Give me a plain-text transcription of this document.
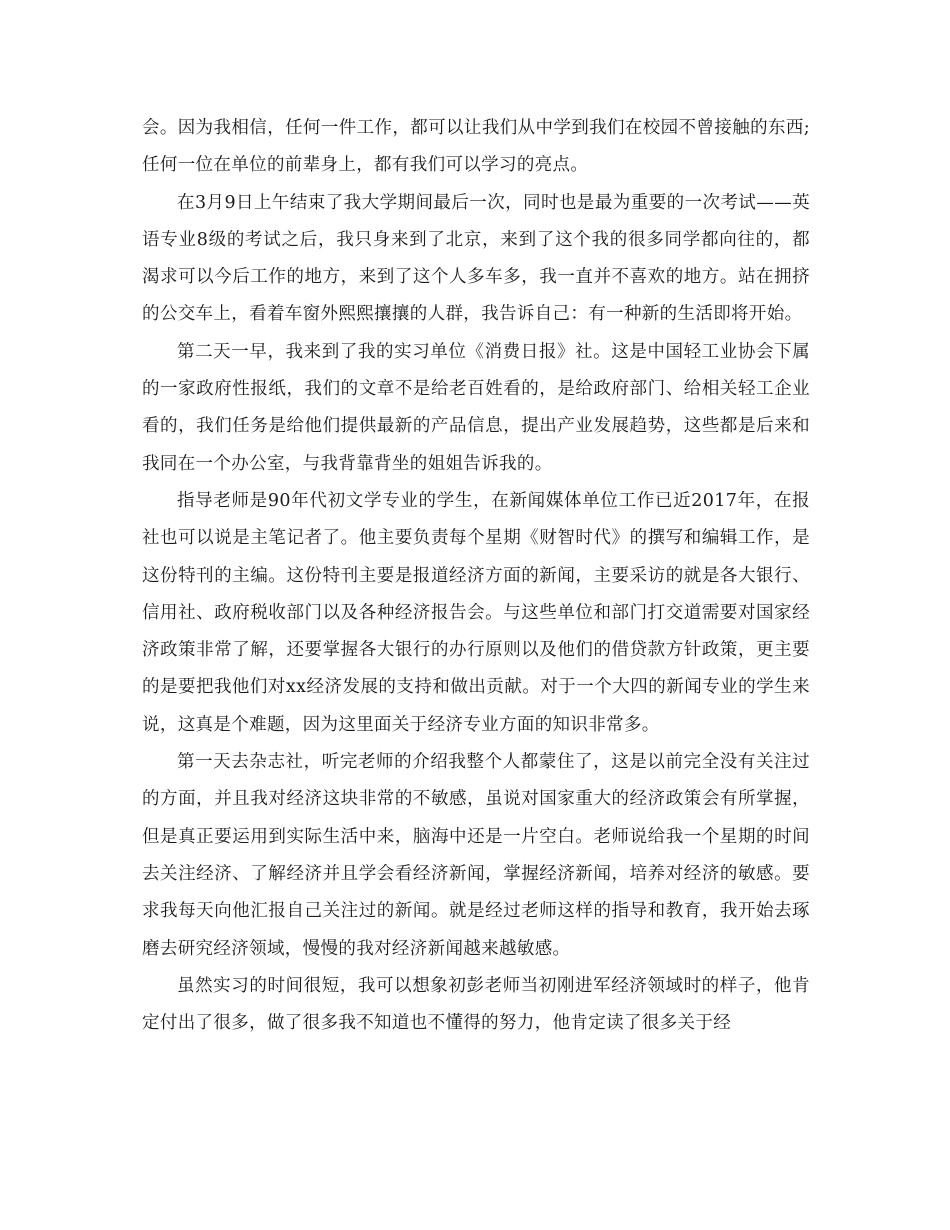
会。因为我相信，任何一件工作，都可以让我们从中学到我们在校园不曾接触的东西;任何一位在单位的前辈身上，都有我们可以学习的亮点。

在3月9日上午结束了我大学期间最后一次，同时也是最为重要的一次考试——英语专业8级的考试之后，我只身来到了北京，来到了这个我的很多同学都向往的，都渴求可以今后工作的地方，来到了这个人多车多，我一直并不喜欢的地方。站在拥挤的公交车上，看着车窗外熙熙攘攘的人群，我告诉自己：有一种新的生活即将开始。

第二天一早，我来到了我的实习单位《消费日报》社。这是中国轻工业协会下属的一家政府性报纸，我们的文章不是给老百姓看的，是给政府部门、给相关轻工企业看的，我们任务是给他们提供最新的产品信息，提出产业发展趋势，这些都是后来和我同在一个办公室，与我背靠背坐的姐姐告诉我的。

指导老师是90年代初文学专业的学生，在新闻媒体单位工作已近2017年，在报社也可以说是主笔记者了。他主要负责每个星期《财智时代》的撰写和编辑工作，是这份特刊的主编。这份特刊主要是报道经济方面的新闻，主要采访的就是各大银行、信用社、政府税收部门以及各种经济报告会。与这些单位和部门打交道需要对国家经济政策非常了解，还要掌握各大银行的办行原则以及他们的借贷款方针政策，更主要的是要把我他们对xx经济发展的支持和做出贡献。对于一个大四的新闻专业的学生来说，这真是个难题，因为这里面关于经济专业方面的知识非常多。

第一天去杂志社，听完老师的介绍我整个人都蒙住了，这是以前完全没有关注过的方面，并且我对经济这块非常的不敏感，虽说对国家重大的经济政策会有所掌握，但是真正要运用到实际生活中来，脑海中还是一片空白。老师说给我一个星期的时间去关注经济、了解经济并且学会看经济新闻，掌握经济新闻，培养对经济的敏感。要求我每天向他汇报自己关注过的新闻。就是经过老师这样的指导和教育，我开始去琢磨去研究经济领域，慢慢的我对经济新闻越来越敏感。

虽然实习的时间很短，我可以想象初彭老师当初刚进军经济领域时的样子，他肯定付出了很多，做了很多我不知道也不懂得的努力，他肯定读了很多关于经
